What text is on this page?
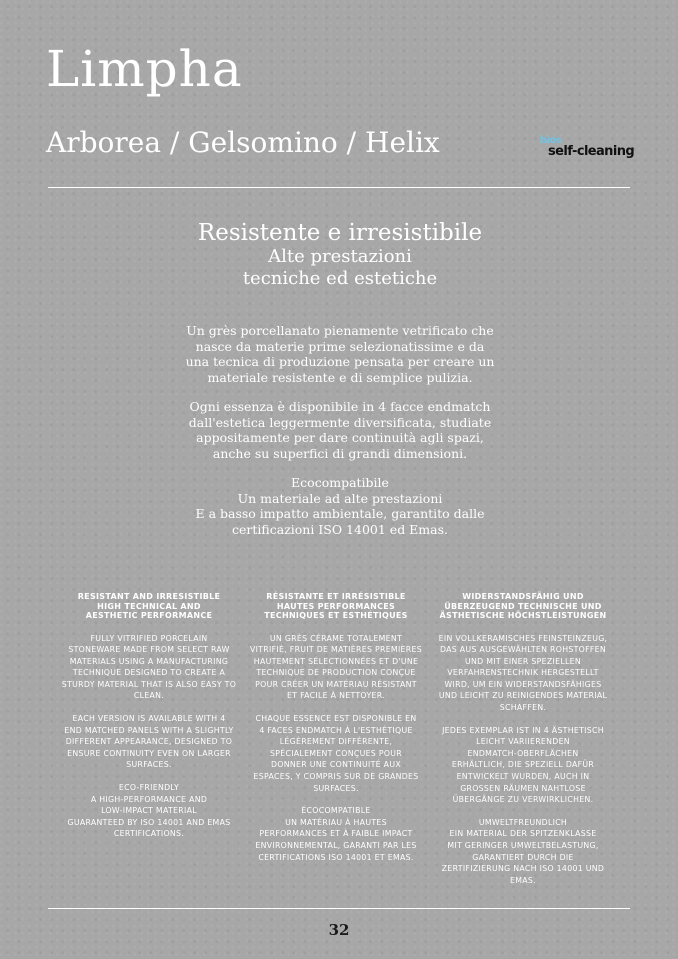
Limpha
Arborea / Gelsomino / Helix	bios
self-cleaning
Resistente e irresistibile
Alte prestazioni
tecniche ed estetiche

Un grès porcellanato pienamente vetrificato che
nasce da materie prime selezionatissime e da
una tecnica di produzione pensata per creare un
materiale resistente e di semplice pulizia.

Ogni essenza è disponibile in 4 facce endmatch
dall'estetica leggermente diversificata, studiate
appositamente per dare continuità agli spazi,
anche su superfici di grandi dimensioni.

Ecocompatibile
Un materiale ad alte prestazioni
E a basso impatto ambientale, garantito dalle
certificazioni ISO 14001 ed Emas.

RESISTANT AND IRRESISTIBLE
HIGH TECHNICAL AND
AESTHETIC PERFORMANCE

FULLY VITRIFIED PORCELAIN
STONEWARE MADE FROM SELECT RAW
MATERIALS USING A MANUFACTURING
TECHNIQUE DESIGNED TO CREATE A
STURDY MATERIAL THAT IS ALSO EASY TO
CLEAN.

EACH VERSION IS AVAILABLE WITH 4
END MATCHED PANELS WITH A SLIGHTLY
DIFFERENT APPEARANCE, DESIGNED TO
ENSURE CONTINUITY EVEN ON LARGER
SURFACES.

ECO-FRIENDLY
A HIGH-PERFORMANCE AND
LOW-IMPACT MATERIAL
GUARANTEED BY ISO 14001 AND EMAS
CERTIFICATIONS.

RÉSISTANTE ET IRRÉSISTIBLE
HAUTES PERFORMANCES
TECHNIQUES ET ESTHÉTIQUES

UN GRÈS CÉRAME TOTALEMENT
VITRIFIÉ, FRUIT DE MATIÈRES PREMIÈRES
HAUTEMENT SÉLECTIONNÉES ET D'UNE
TECHNIQUE DE PRODUCTION CONÇUE
POUR CRÉER UN MATÉRIAU RÉSISTANT
ET FACILE À NETTOYER.

CHAQUE ESSENCE EST DISPONIBLE EN
4 FACES ENDMATCH À L'ESTHÉTIQUE
LÉGÈREMENT DIFFÉRENTE,
SPÉCIALEMENT CONÇUES POUR
DONNER UNE CONTINUITÉ AUX
ESPACES, Y COMPRIS SUR DE GRANDES
SURFACES.

ÉCOCOMPATIBLE
UN MATÉRIAU À HAUTES
PERFORMANCES ET À FAIBLE IMPACT
ENVIRONNEMENTAL, GARANTI PAR LES
CERTIFICATIONS ISO 14001 ET EMAS.

WIDERSTANDSFÄHIG UND
ÜBERZEUGEND TECHNISCHE UND
ÄSTHETISCHE HÖCHSTLEISTUNGEN

EIN VOLLKERAMISCHES FEINSTEINZEUG,
DAS AUS AUSGEWÄHLTEN ROHSTOFFEN
UND MIT EINER SPEZIELLEN
VERFAHRENSTECHNIK HERGESTELLT
WIRD, UM EIN WIDERSTANDSFÄHIGES
UND LEICHT ZU REINIGENDES MATERIAL
SCHAFFEN.

JEDES EXEMPLAR IST IN 4 ÄSTHETISCH
LEICHT VARIIERENDEN
ENDMATCH-OBERFLÄCHEN
ERHÄLTLICH, DIE SPEZIELL DAFÜR
ENTWICKELT WURDEN, AUCH IN
GROSSEN RÄUMEN NAHTLOSE
ÜBERGÄNGE ZU VERWIRKLICHEN.

UMWELTFREUNDLICH
EIN MATERIAL DER SPITZENKLASSE
MIT GERINGER UMWELTBELASTUNG,
GARANTIERT DURCH DIE
ZERTIFIZIERUNG NACH ISO 14001 UND
EMAS.

32
